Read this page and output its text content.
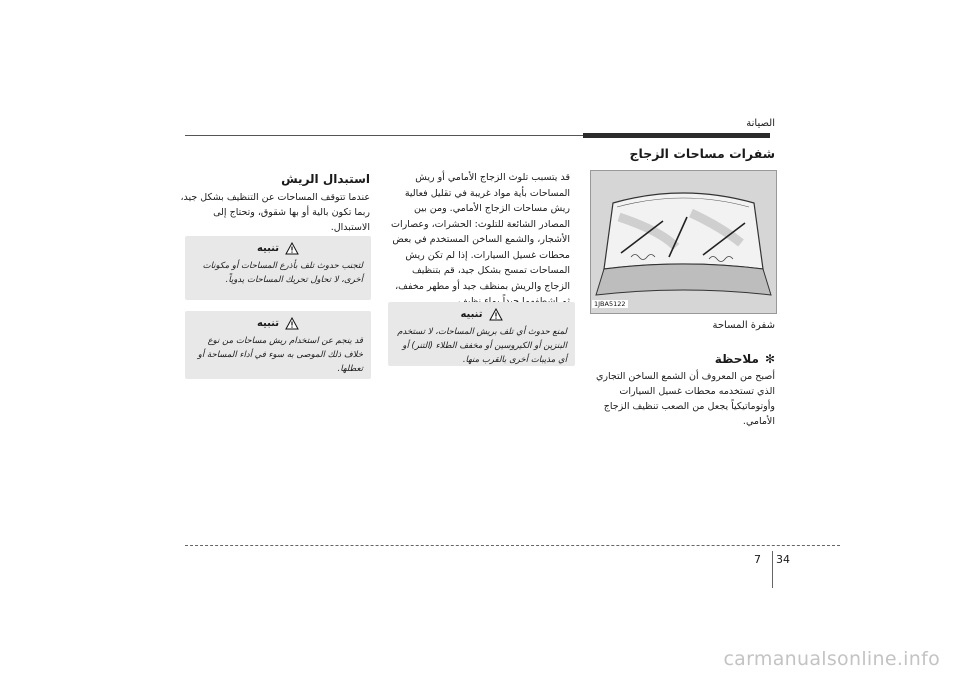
الصيانة
شفرات مساحات الزجاج
1JBA5122
شفرة المساحة
✻ملاحظة
أصبح من المعروف أن الشمع الساخن التجاري الذي تستخدمه محطات غسيل السيارات وأوتوماتيكياً يجعل من الصعب تنظيف الزجاج الأمامي.
قد يتسبب تلوث الزجاج الأمامي أو ريش المساحات بأية مواد غريبة في تقليل فعالية ريش مساحات الزجاج الأمامي. ومن بين المصادر الشائعة للتلوث: الحشرات، وعصارات الأشجار، والشمع الساخن المستخدم في بعض محطات غسيل السيارات. إذا لم تكن ريش المساحات تمسح بشكل جيد، قم بتنظيف الزجاج والريش بمنظف جيد أو مطهر مخفف،
تنبيه
لمنع حدوث أي تلف بريش المساحات، لا تستخدم البنزين أو الكيروسين أو مخفف الطلاء (التنر) أو أي مذيبات أخرى بالقرب منها.
استبدال الريش
عندما تتوقف المساحات عن التنظيف بشكل جيد، ربما تكون بالية أو بها شقوق، وتحتاج إلى الاستبدال.
تنبيه
لتجنب حدوث تلف بأذرع المساحات أو مكونات أخرى، لا تحاول تحريك المساحات يدوياً.
تنبيه
قد ينجم عن استخدام ريش مساحات من نوع خلاف ذلك الموصى به سوء في أداء المساحة أو تعطلها.
7 34
carmanualsonline.info
